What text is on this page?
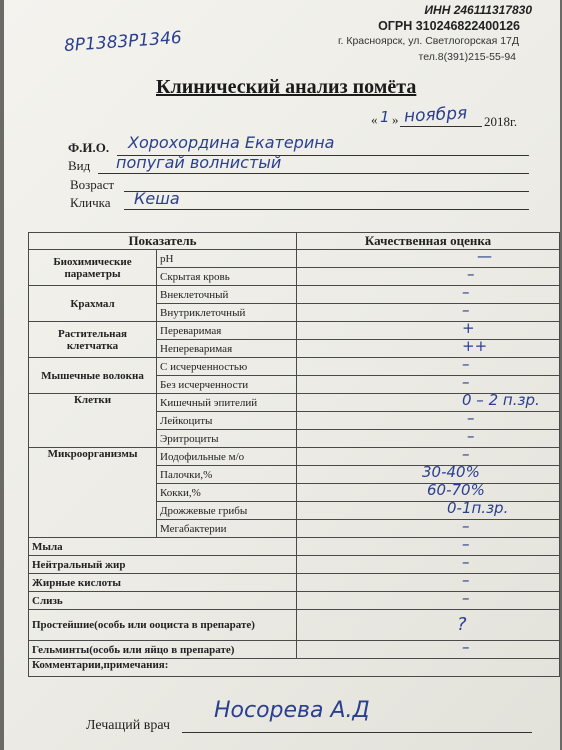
ИНН 246111317830
ОГРН 310246822400126
г. Красноярск, ул. Светлогорская 17Д
тел.8(391)215-55-94
8Р1383Р1346
Клинический анализ помёта
« 1 » ноября 2018г.
Ф.И.О. Хорохордина Екатерина
Вид попугай волнистый
Возраст
Кличка Кеша
Показатель		Качественная оценка
Биохимические параметры	pH	—

	Скрытая кровь	–

Крахмал	Внеклеточный	–

	Внутриклеточный	–

Растительная клетчатка	Переваримая	+

	Непереваримая	++

Мышечные волокна	С исчерченностью	–

	Без исчерченности	–

Клетки	Кишечный эпителий	0 – 2 п.зр.

	Лейкоциты	–

	Эритроциты	–

Микроорганизмы	Иодофильные м/о	–

	Палочки,%	30-40%

	Кокки,%	60-70%

	Дрожжевые грибы	0-1п.зр.

	Мегабактерии	–

Мыла		–

Нейтральный жир		–

Жирные кислоты		–

Слизь		–

Простейшие(особь или ооциста в препарате)		?

Гельминты(особь или яйцо в препарате)		–

Комментарии,примечания:		
Лечащий врач
Носорева А.Д
